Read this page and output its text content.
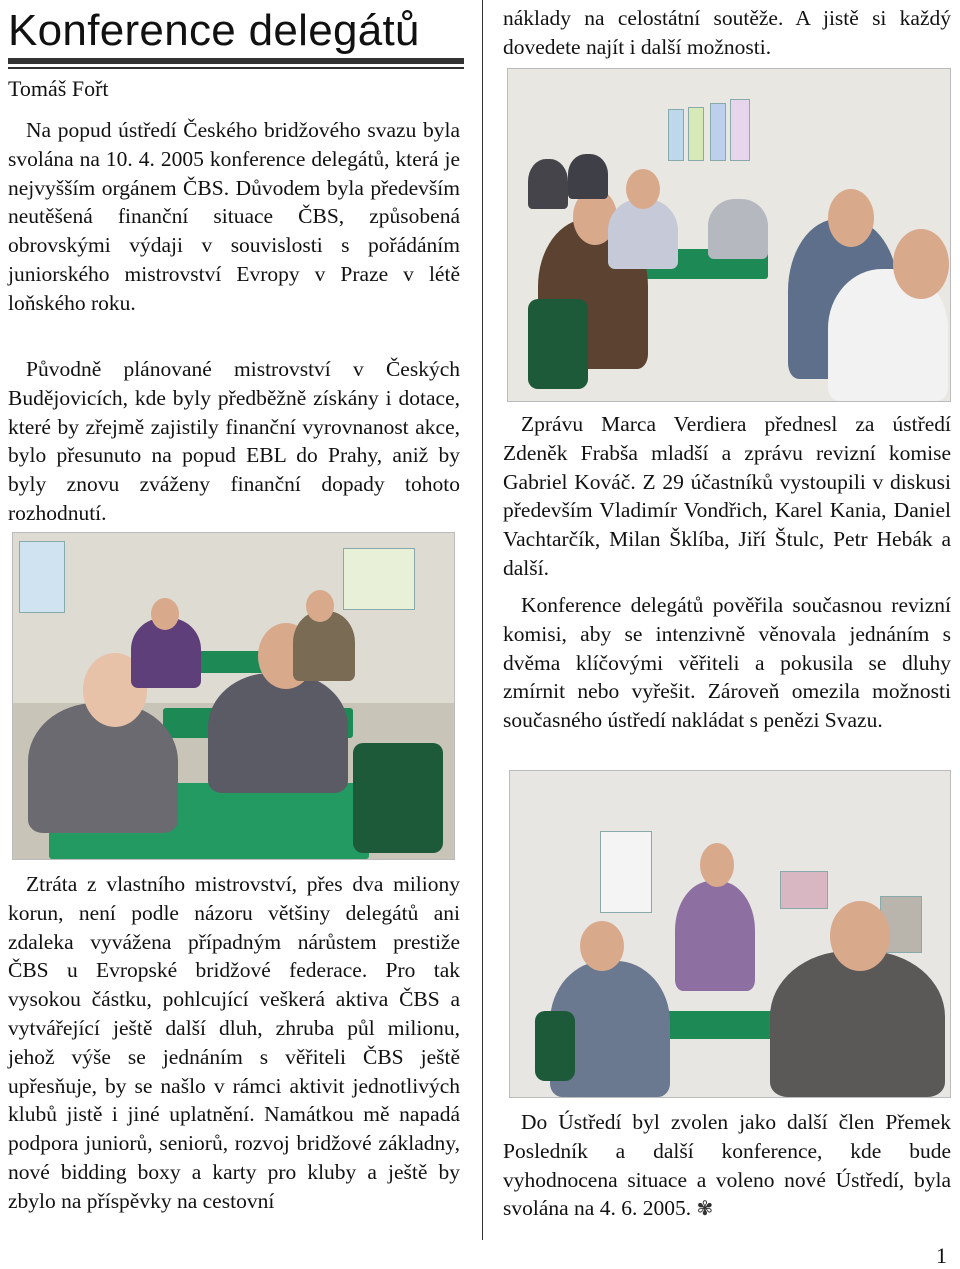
Konference delegátů
Tomáš Fořt

Na popud ústředí Českého bridžového svazu byla svolána na 10. 4. 2005 konference delegátů, která je nejvyšším orgánem ČBS. Důvodem byla především neutěšená finanční situace ČBS, způsobená obrovskými výdaji v souvislosti s pořádáním juniorského mistrovství Evropy v Praze v létě loňského roku.

Původně plánované mistrovství v Českých Budějovicích, kde byly předběžně získány i dotace, které by zřejmě zajistily finanční vyrovnanost akce, bylo přesunuto na popud EBL do Prahy, aniž by byly znovu zváženy finanční dopady tohoto rozhodnutí.

Ztráta z vlastního mistrovství, přes dva miliony korun, není podle názoru většiny delegátů ani zdaleka vyvážena případným nárůstem prestiže ČBS u Evropské bridžové federace. Pro tak vysokou částku, pohlcující veškerá aktiva ČBS a vytvářející ještě další dluh, zhruba půl milionu, jehož výše se jednáním s věřiteli ČBS ještě upřesňuje, by se našlo v rámci aktivit jednotlivých klubů jistě i jiné uplatnění. Namátkou mě napadá podpora juniorů, seniorů, rozvoj bridžové základny, nové bidding boxy a karty pro kluby a ještě by zbylo na příspěvky na cestovní

náklady na celostátní soutěže. A jistě si každý dovedete najít i další možnosti.

Zprávu Marca Verdiera přednesl za ústředí Zdeněk Frabša mladší a zprávu revizní komise Gabriel Kováč. Z 29 účastníků vystoupili v diskusi především Vladimír Vondřich, Karel Kania, Daniel Vachtarčík, Milan Šklíba, Jiří Štulc, Petr Hebák a další.

Konference delegátů pověřila současnou revizní komisi, aby se intenzivně věnovala jednáním s dvěma klíčovými věřiteli a pokusila se dluhy zmírnit nebo vyřešit. Zároveň omezila možnosti současného ústředí nakládat s penězi Svazu.

Do Ústředí byl zvolen jako další člen Přemek Posledník a další konference, kde bude vyhodnocena situace a voleno nové Ústředí, byla svolána na 4. 6. 2005. ✾

1
